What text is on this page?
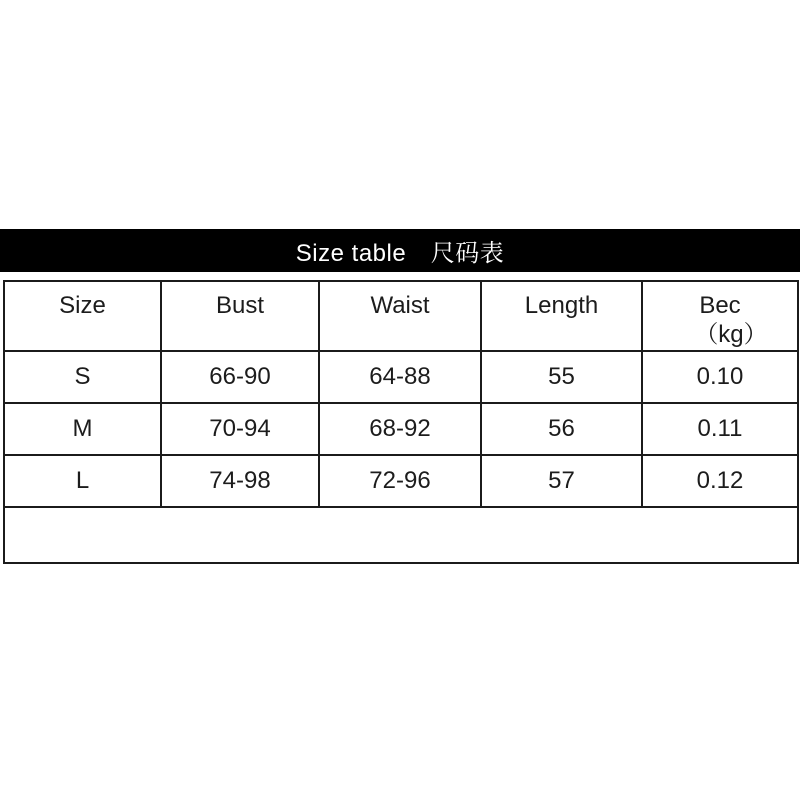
Size table　尺码表
Size	Bust	Waist	Length	Bec
（kg）

S	66-90	64-88	55	0.10
M	70-94	68-92	56	0.11
L	74-98	72-96	57	0.12
